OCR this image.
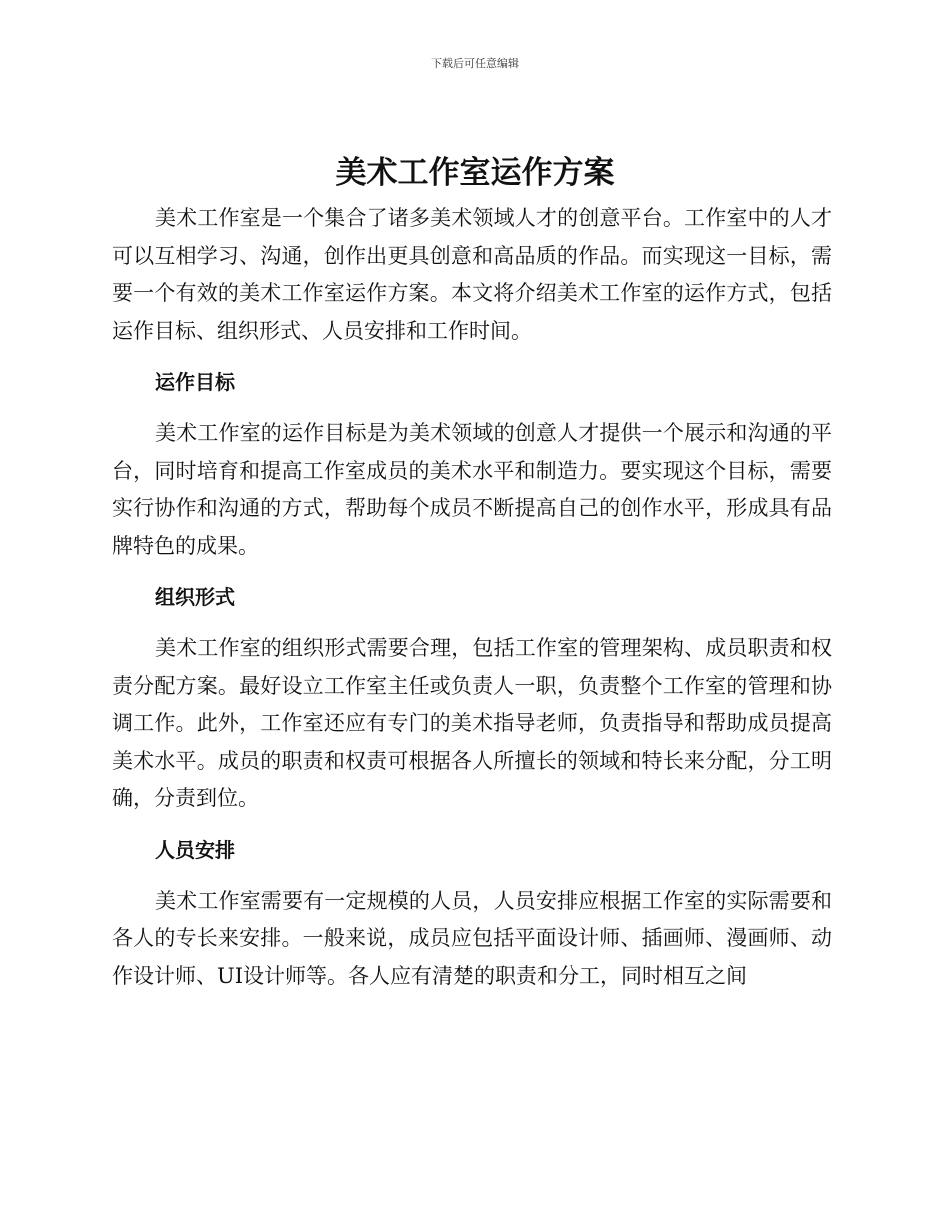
下载后可任意编辑
美术工作室运作方案

美术工作室是一个集合了诸多美术领域人才的创意平台。工作室中的人才可以互相学习、沟通，创作出更具创意和高品质的作品。而实现这一目标，需要一个有效的美术工作室运作方案。本文将介绍美术工作室的运作方式，包括运作目标、组织形式、人员安排和工作时间。

运作目标

美术工作室的运作目标是为美术领域的创意人才提供一个展示和沟通的平台，同时培育和提高工作室成员的美术水平和制造力。要实现这个目标，需要实行协作和沟通的方式，帮助每个成员不断提高自己的创作水平，形成具有品牌特色的成果。

组织形式

美术工作室的组织形式需要合理，包括工作室的管理架构、成员职责和权责分配方案。最好设立工作室主任或负责人一职，负责整个工作室的管理和协调工作。此外，工作室还应有专门的美术指导老师，负责指导和帮助成员提高美术水平。成员的职责和权责可根据各人所擅长的领域和特长来分配，分工明确，分责到位。

人员安排

美术工作室需要有一定规模的人员，人员安排应根据工作室的实际需要和各人的专长来安排。一般来说，成员应包括平面设计师、插画师、漫画师、动作设计师、UI设计师等。各人应有清楚的职责和分工，同时相互之间
